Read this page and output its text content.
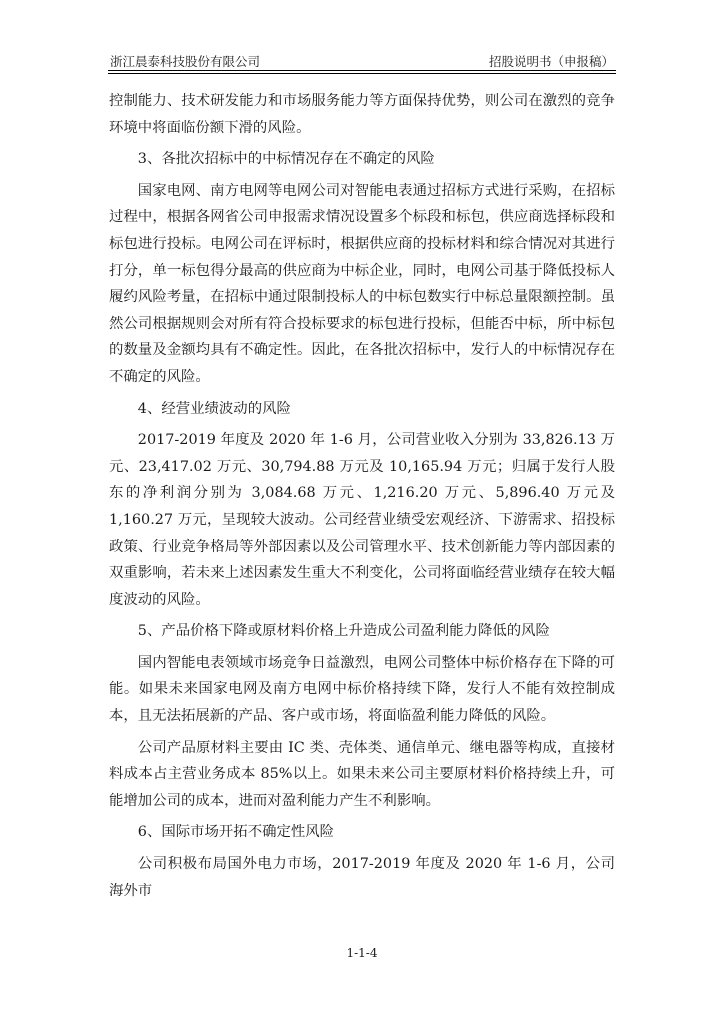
浙江晨泰科技股份有限公司	招股说明书（申报稿）

控制能力、技术研发能力和市场服务能力等方面保持优势，则公司在激烈的竞争环境中将面临份额下滑的风险。

3、各批次招标中的中标情况存在不确定的风险

国家电网、南方电网等电网公司对智能电表通过招标方式进行采购，在招标过程中，根据各网省公司申报需求情况设置多个标段和标包，供应商选择标段和标包进行投标。电网公司在评标时，根据供应商的投标材料和综合情况对其进行打分，单一标包得分最高的供应商为中标企业，同时，电网公司基于降低投标人履约风险考量，在招标中通过限制投标人的中标包数实行中标总量限额控制。虽然公司根据规则会对所有符合投标要求的标包进行投标，但能否中标，所中标包的数量及金额均具有不确定性。因此，在各批次招标中，发行人的中标情况存在不确定的风险。

4、经营业绩波动的风险

2017-2019 年度及 2020 年 1-6 月，公司营业收入分别为 33,826.13 万元、23,417.02 万元、30,794.88 万元及 10,165.94 万元；归属于发行人股东的净利润分别为 3,084.68 万元、1,216.20 万元、5,896.40 万元及 1,160.27 万元，呈现较大波动。公司经营业绩受宏观经济、下游需求、招投标政策、行业竞争格局等外部因素以及公司管理水平、技术创新能力等内部因素的双重影响，若未来上述因素发生重大不利变化，公司将面临经营业绩存在较大幅度波动的风险。

5、产品价格下降或原材料价格上升造成公司盈利能力降低的风险

国内智能电表领域市场竞争日益激烈，电网公司整体中标价格存在下降的可能。如果未来国家电网及南方电网中标价格持续下降，发行人不能有效控制成本，且无法拓展新的产品、客户或市场，将面临盈利能力降低的风险。

公司产品原材料主要由 IC 类、壳体类、通信单元、继电器等构成，直接材料成本占主营业务成本 85%以上。如果未来公司主要原材料价格持续上升，可能增加公司的成本，进而对盈利能力产生不利影响。

6、国际市场开拓不确定性风险

公司积极布局国外电力市场，2017-2019 年度及 2020 年 1-6 月，公司海外市

1-1-4
